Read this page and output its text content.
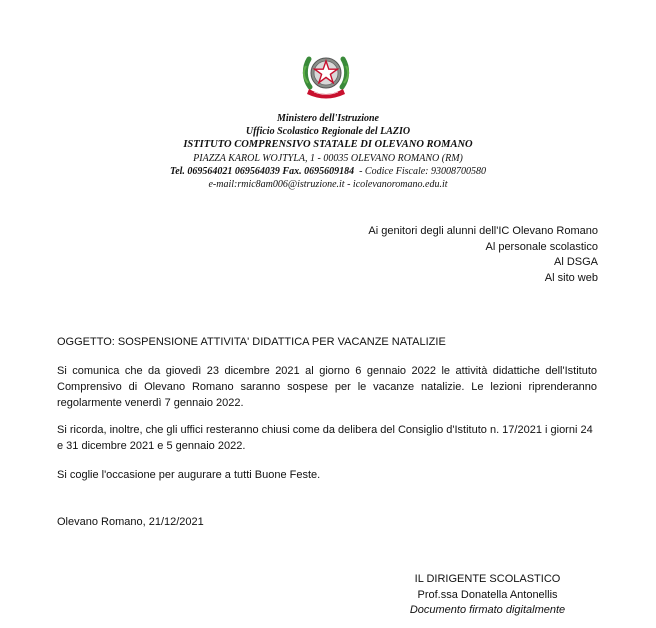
Ministero dell'Istruzione
Ufficio Scolastico Regionale del LAZIO
ISTITUTO COMPRENSIVO STATALE DI OLEVANO ROMANO
PIAZZA KAROL WOJTYLA, 1 - 00035 OLEVANO ROMANO (RM)
Tel. 069564021 069564039 Fax. 0695609184  - Codice Fiscale: 93008700580
e-mail:rmic8am006@istruzione.it - icolevanoromano.edu.it
Ai genitori degli alunni dell'IC Olevano Romano
Al personale scolastico
Al DSGA
Al sito web
OGGETTO: SOSPENSIONE ATTIVITA' DIDATTICA PER VACANZE NATALIZIE
Si comunica che da giovedì 23 dicembre 2021 al giorno 6 gennaio 2022 le attività didattiche dell'Istituto Comprensivo di Olevano Romano saranno sospese per le vacanze natalizie. Le lezioni riprenderanno regolarmente venerdì 7 gennaio 2022.
Si ricorda, inoltre, che gli uffici resteranno chiusi come da delibera del Consiglio d'Istituto n. 17/2021 i giorni 24 e 31 dicembre 2021 e 5 gennaio 2022.
Si coglie l'occasione per augurare a tutti Buone Feste.
Olevano Romano, 21/12/2021
IL DIRIGENTE SCOLASTICO
Prof.ssa Donatella Antonellis
Documento firmato digitalmente
